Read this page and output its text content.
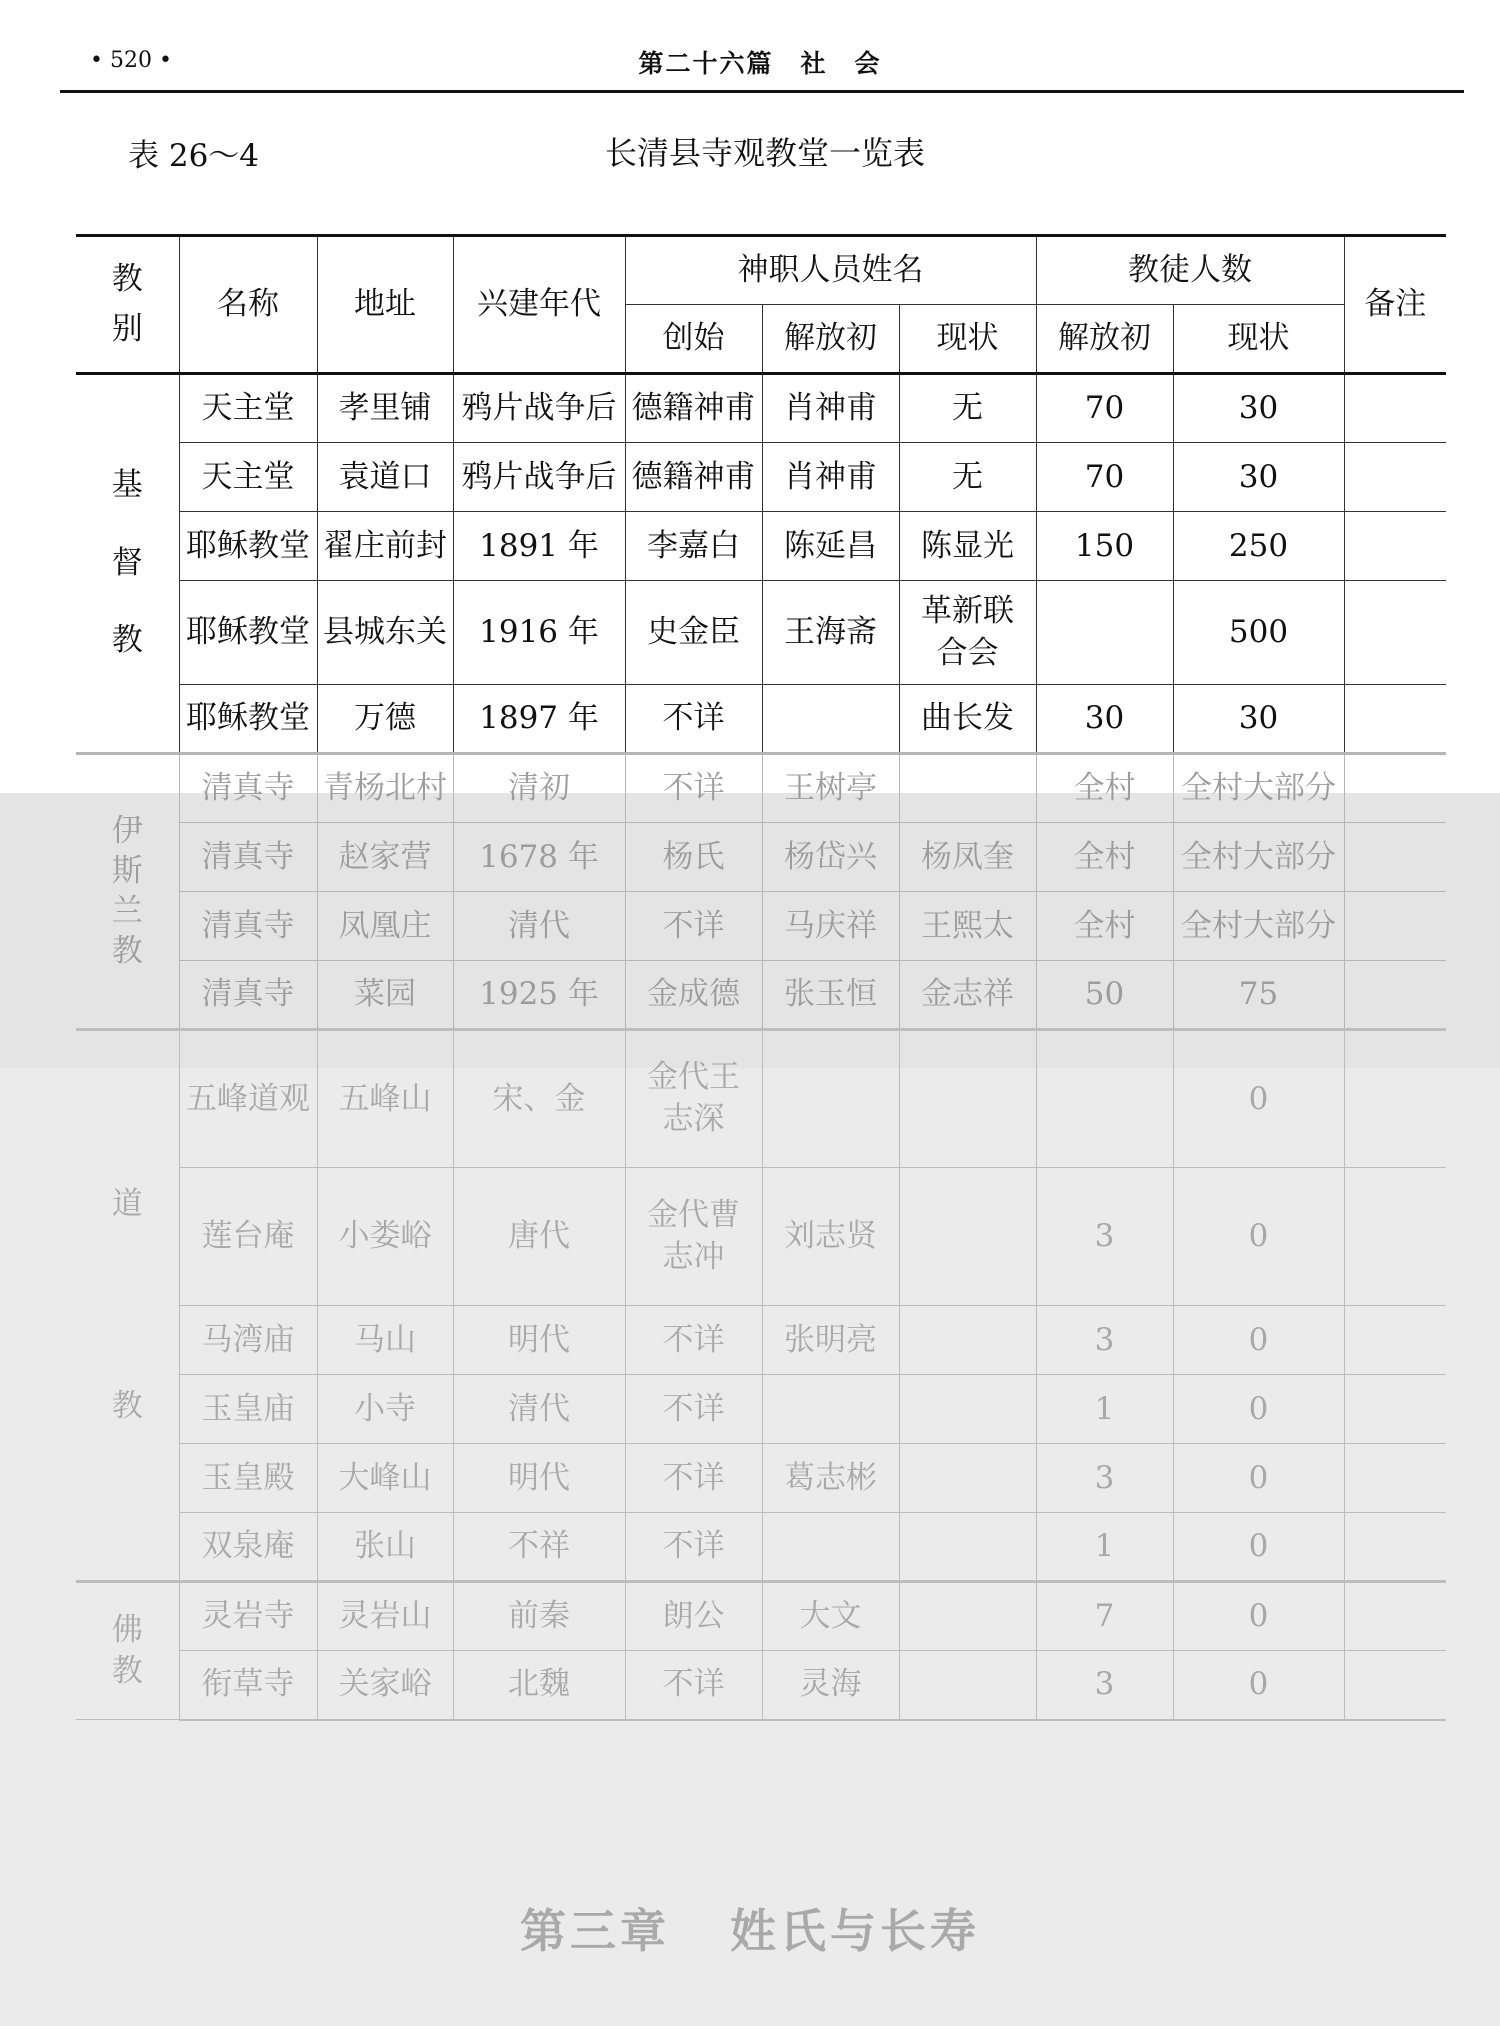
• 520 •	第二十六篇　社　会
表 26～4	长清县寺观教堂一览表
教别	名称	地址	兴建年代	神职人员姓名			教徒人数		备注
				创始	解放初	现状	解放初	现状	
基督教	天主堂	孝里铺	鸦片战争后	德籍神甫	肖神甫	无	70	30	
	天主堂	袁道口	鸦片战争后	德籍神甫	肖神甫	无	70	30	
	耶稣教堂	翟庄前封	1891 年	李嘉白	陈延昌	陈显光	150	250	
	耶稣教堂	县城东关	1916 年	史金臣	王海斋	革新联合会		500	
	耶稣教堂	万德	1897 年	不详		曲长发	30	30	
伊斯兰教	清真寺	青杨北村	清初	不详	王树亭		全村	全村大部分	
	清真寺	赵家营	1678 年	杨氏	杨岱兴	杨凤奎	全村	全村大部分	
	清真寺	凤凰庄	清代	不详	马庆祥	王熙太	全村	全村大部分	
	清真寺	菜园	1925 年	金成德	张玉恒	金志祥	50	75	
道教	五峰道观	五峰山	宋、金	金代王志深				0	
	莲台庵	小娄峪	唐代	金代曹志冲	刘志贤		3	0	
	马湾庙	马山	明代	不详	张明亮		3	0	
	玉皇庙	小寺	清代	不详			1	0	
	玉皇殿	大峰山	明代	不详	葛志彬		3	0	
	双泉庵	张山	不祥	不详			1	0	
佛教	灵岩寺	灵岩山	前秦	朗公	大文		7	0	
	衔草寺	关家峪	北魏	不详	灵海		3	0	
第三章 姓氏与长寿
